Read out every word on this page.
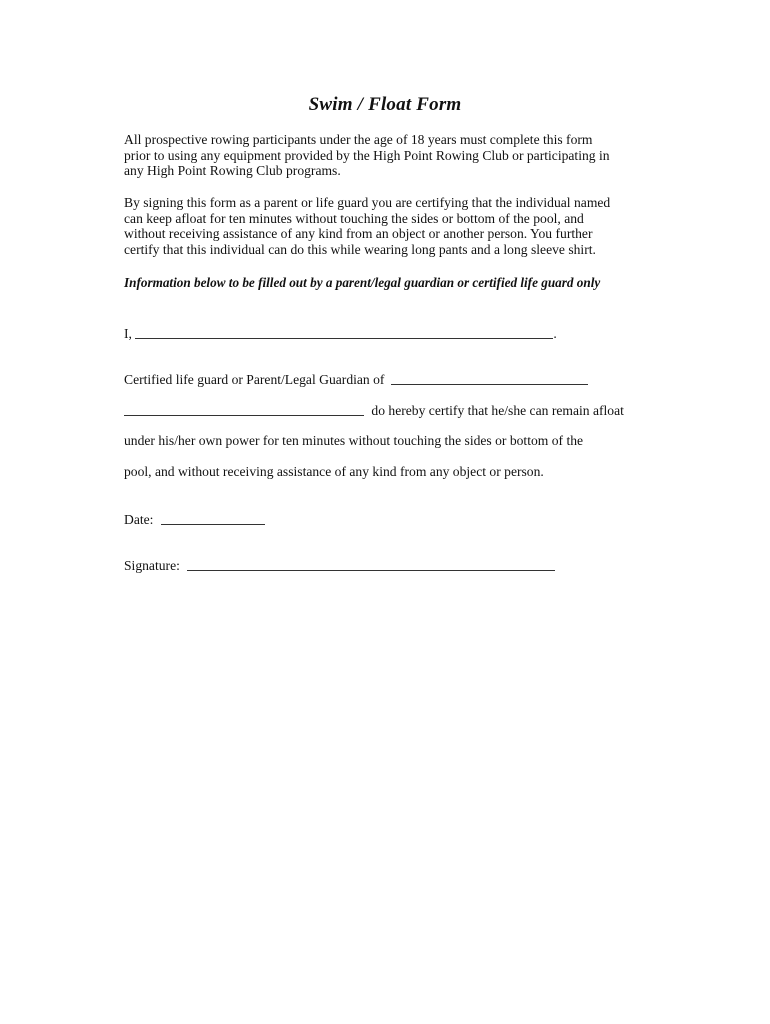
Swim / Float Form
All prospective rowing participants under the age of 18 years must complete this form
prior to using any equipment provided by the High Point Rowing Club or participating in
any High Point Rowing Club programs.
By signing this form as a parent or life guard you are certifying that the individual named
can keep afloat for ten minutes without touching the sides or bottom of the pool, and
without receiving assistance of any kind from an object or another person. You further
certify that this individual can do this while wearing long pants and a long sleeve shirt.
Information below to be filled out by a parent/legal guardian or certified life guard only
I,	.
Certified life guard or Parent/Legal Guardian of
do hereby certify that he/she can remain afloat
under his/her own power for ten minutes without touching the sides or bottom of the
pool, and without receiving assistance of any kind from any object or person.
Date:
Signature:
